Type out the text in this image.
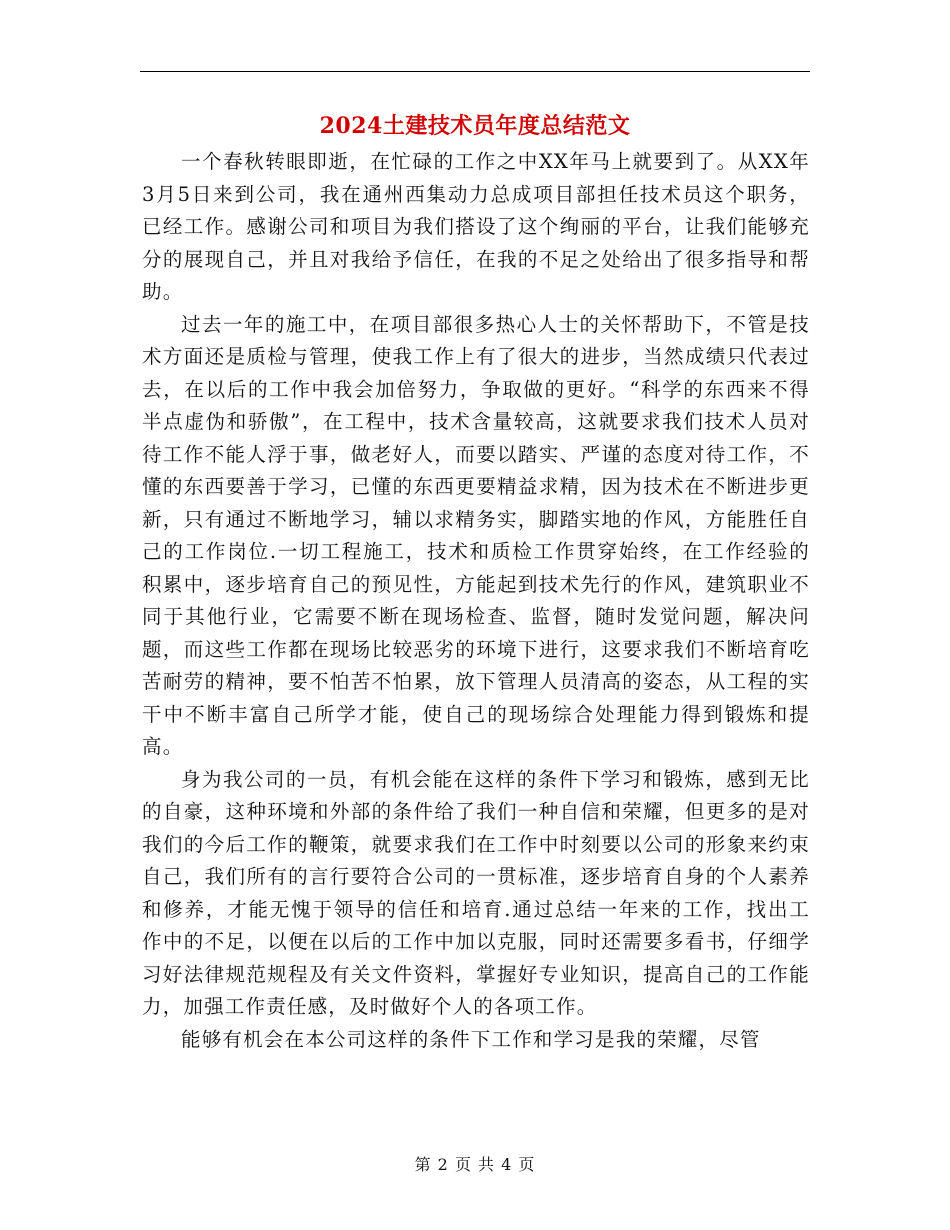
2024土建技术员年度总结范文

一个春秋转眼即逝，在忙碌的工作之中XX年马上就要到了。从XX年3月5日来到公司，我在通州西集动力总成项目部担任技术员这个职务，已经工作。感谢公司和项目为我们搭设了这个绚丽的平台，让我们能够充分的展现自己，并且对我给予信任，在我的不足之处给出了很多指导和帮助。

过去一年的施工中，在项目部很多热心人士的关怀帮助下，不管是技术方面还是质检与管理，使我工作上有了很大的进步，当然成绩只代表过去，在以后的工作中我会加倍努力，争取做的更好。“科学的东西来不得半点虚伪和骄傲”，在工程中，技术含量较高，这就要求我们技术人员对待工作不能人浮于事，做老好人，而要以踏实、严谨的态度对待工作，不懂的东西要善于学习，已懂的东西更要精益求精，因为技术在不断进步更新，只有通过不断地学习，辅以求精务实，脚踏实地的作风，方能胜任自己的工作岗位.一切工程施工，技术和质检工作贯穿始终，在工作经验的积累中，逐步培育自己的预见性，方能起到技术先行的作风，建筑职业不同于其他行业，它需要不断在现场检查、监督，随时发觉问题，解决问题，而这些工作都在现场比较恶劣的环境下进行，这要求我们不断培育吃苦耐劳的精神，要不怕苦不怕累，放下管理人员清高的姿态，从工程的实干中不断丰富自己所学才能，使自己的现场综合处理能力得到锻炼和提高。

身为我公司的一员，有机会能在这样的条件下学习和锻炼，感到无比的自豪，这种环境和外部的条件给了我们一种自信和荣耀，但更多的是对我们的今后工作的鞭策，就要求我们在工作中时刻要以公司的形象来约束自己，我们所有的言行要符合公司的一贯标准，逐步培育自身的个人素养和修养，才能无愧于领导的信任和培育.通过总结一年来的工作，找出工作中的不足，以便在以后的工作中加以克服，同时还需要多看书，仔细学习好法律规范规程及有关文件资料，掌握好专业知识，提高自己的工作能力，加强工作责任感，及时做好个人的各项工作。

能够有机会在本公司这样的条件下工作和学习是我的荣耀，尽管

第 2 页 共 4 页
